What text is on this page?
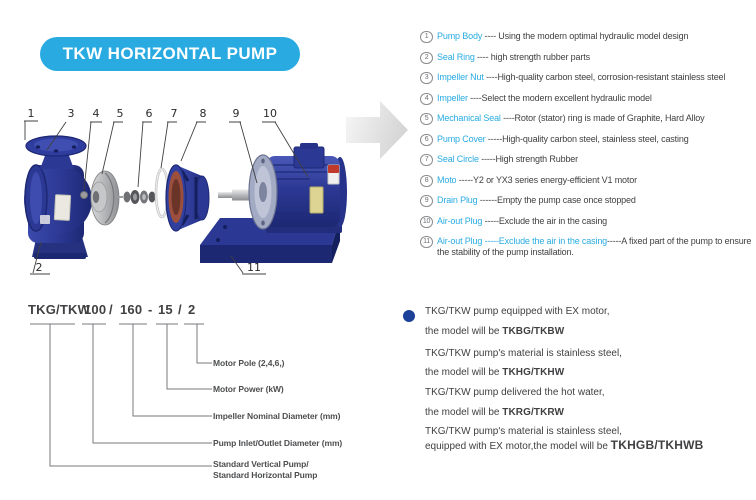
TKW HORIZONTAL PUMP
1	3 4 5 6 7 8 9 10
2	11
1 Pump Body ---- Using the modern optimal hydraulic model design
2 Seal Ring ---- high strength rubber parts
3 Impeller Nut ----High-quality carbon steel, corrosion-resistant stainless steel
4 Impeller ----Select the modern excellent hydraulic model
5 Mechanical Seal ----Rotor (stator) ring is made of Graphite, Hard Alloy
6 Pump Cover -----High-quality carbon steel, stainless steel, casting
7 Seal Circle -----High strength Rubber
8 Moto -----Y2 or YX3 series energy-efficient V1 motor
9 Drain Plug ------Empty the pump case once stopped
10 Air-out Plug -----Exclude the air in the casing
11 Air-out Plug -----Exclude the air in the casing-----A fixed part of the pump to ensure the stability of the pump installation.
TKG/TKW
100 / 160 - 15 / 2
Motor Pole (2,4,6,)
Motor Power (kW)
Impeller Nominal Diameter (mm)
Pump Inlet/Outlet Diameter (mm)
Standard Vertical Pump/
Standard Horizontal Pump
TKG/TKW pump equipped with EX motor,
the model will be TKBG/TKBW
TKG/TKW pump's material is stainless steel,
the model will be TKHG/TKHW
TKG/TKW pump delivered the hot water,
the model will be TKRG/TKRW
TKG/TKW pump's material is stainless steel,
equipped with EX motor,the model will be TKHGB/TKHWB
